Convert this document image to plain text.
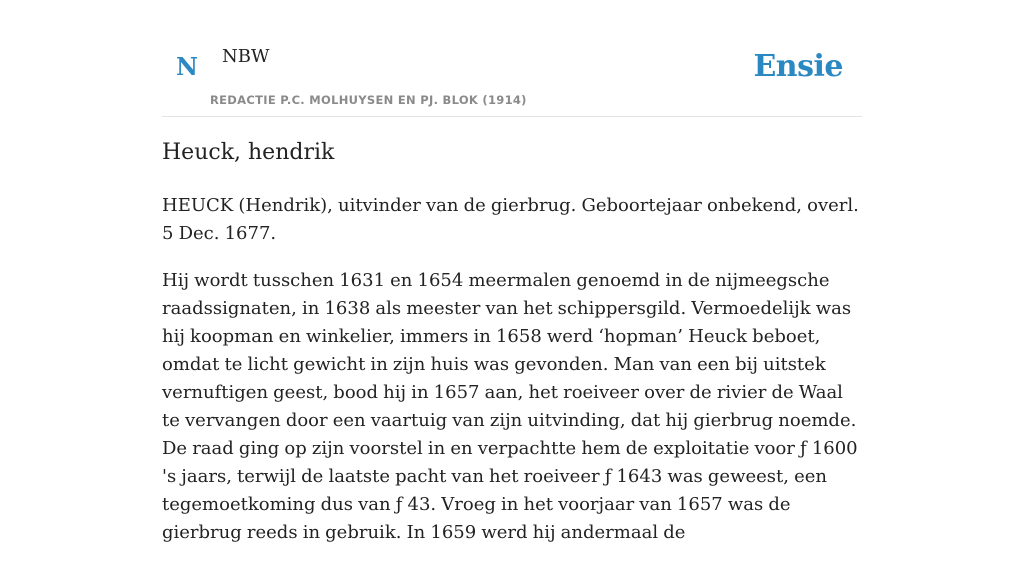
N NBW
REDACTIE P.C. MOLHUYSEN EN PJ. BLOK (1914)
Ensie
Heuck, hendrik

HEUCK (Hendrik), uitvinder van de gierbrug. Geboortejaar onbekend, overl. 5 Dec. 1677.

Hij wordt tusschen 1631 en 1654 meermalen genoemd in de nijmeegsche raadssignaten, in 1638 als meester van het schippersgild. Vermoedelijk was hij koopman en winkelier, immers in 1658 werd ‘hopman’ Heuck beboet, omdat te licht gewicht in zijn huis was gevonden. Man van een bij uitstek vernuftigen geest, bood hij in 1657 aan, het roeiveer over de rivier de Waal te vervangen door een vaartuig van zijn uitvinding, dat hij gierbrug noemde. De raad ging op zijn voorstel in en verpachtte hem de exploitatie voor ƒ 1600 's jaars, terwijl de laatste pacht van het roeiveer ƒ 1643 was geweest, een tegemoetkoming dus van ƒ 43. Vroeg in het voorjaar van 1657 was de gierbrug reeds in gebruik. In 1659 werd hij andermaal de
